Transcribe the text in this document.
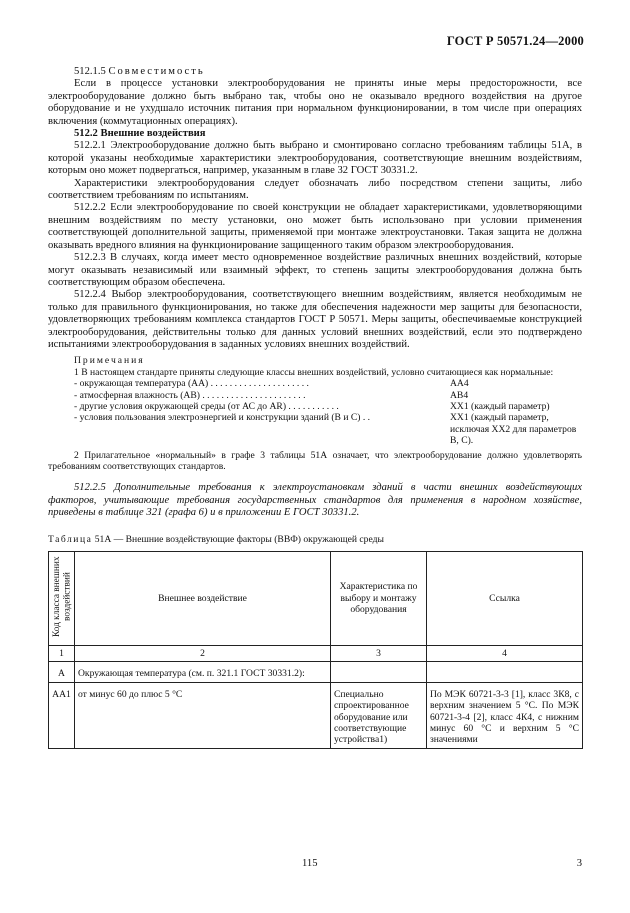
ГОСТ Р 50571.24—2000

512.1.5 Совместимость

Если в процессе установки электрооборудования не приняты иные меры предосторожности, все электрооборудование должно быть выбрано так, чтобы оно не оказывало вредного воздействия на другое оборудование и не ухудшало источник питания при нормальном функционировании, в том числе при операциях включения (коммутационных операциях).

512.2 Внешние воздействия

512.2.1 Электрооборудование должно быть выбрано и смонтировано согласно требованиям таблицы 51А, в которой указаны необходимые характеристики электрооборудования, соответствующие внешним воздействиям, которым оно может подвергаться, например, указанным в главе 32 ГОСТ 30331.2.

Характеристики электрооборудования следует обозначать либо посредством степени защиты, либо соответствием требованиям по испытаниям.

512.2.2 Если электрооборудование по своей конструкции не обладает характеристиками, удовлетворяющими внешним воздействиям по месту установки, оно может быть использовано при условии применения соответствующей дополнительной защиты, применяемой при монтаже электроустановки. Такая защита не должна оказывать вредного влияния на функционирование защищенного таким образом электрооборудования.

512.2.3 В случаях, когда имеет место одновременное воздействие различных внешних воздействий, которые могут оказывать независимый или взаимный эффект, то степень защиты электрооборудования должна быть соответствующим образом обеспечена.

512.2.4 Выбор электрооборудования, соответствующего внешним воздействиям, является необходимым не только для правильного функционирования, но также для обеспечения надежности мер защиты для безопасности, удовлетворяющих требованиям комплекса стандартов ГОСТ Р 50571. Меры защиты, обеспечиваемые конструкцией электрооборудования, действительны только для данных условий внешних воздействий, если это подтверждено испытаниями электрооборудования в заданных условиях внешних воздействий.

Примечания

1 В настоящем стандарте приняты следующие классы внешних воздействий, условно считающиеся как нормальные:

- окружающая температура (АА) . . . . . . . . . . . . . . . . . . . . .	АА4
- атмосферная влажность (АВ) . . . . . . . . . . . . . . . . . . . . . .	АВ4
- другие условия окружающей среды (от АС до AR) . . . . . . . . . . .	ХХ1 (каждый параметр)
- условия пользования электроэнергией и конструкции зданий (В и С) . .	ХХ1 (каждый параметр, исключая ХХ2 для параметров В, С).

2 Прилагательное «нормальный» в графе 3 таблицы 51А означает, что электрооборудование должно удовлетворять требованиям соответствующих стандартов.

512.2.5 Дополнительные требования к электроустановкам зданий в части внешних воздействующих факторов, учитывающие требования государственных стандартов для применения в народном хозяйстве, приведены в таблице 321 (графа 6) и в приложении Е ГОСТ 30331.2.

Таблица 51А — Внешние воздействующие факторы (ВВФ) окружающей среды
Код класса внешних воздействий	Внешнее воздействие	Характеристика по выбору и монтажу оборудования	Ссылка
1	2	3	4
А	Окружающая температура (см. п. 321.1 ГОСТ 30331.2):		
АА1	от минус 60 до плюс 5 °С	Специально спроектированное оборудование или соответствующие устройства1)	По МЭК 60721-3-3 [1], класс 3К8, с верхним значением 5 °С. По МЭК 60721-3-4 [2], класс 4К4, с нижним минус 60 °С и верхним 5 °С значениями
115	3
